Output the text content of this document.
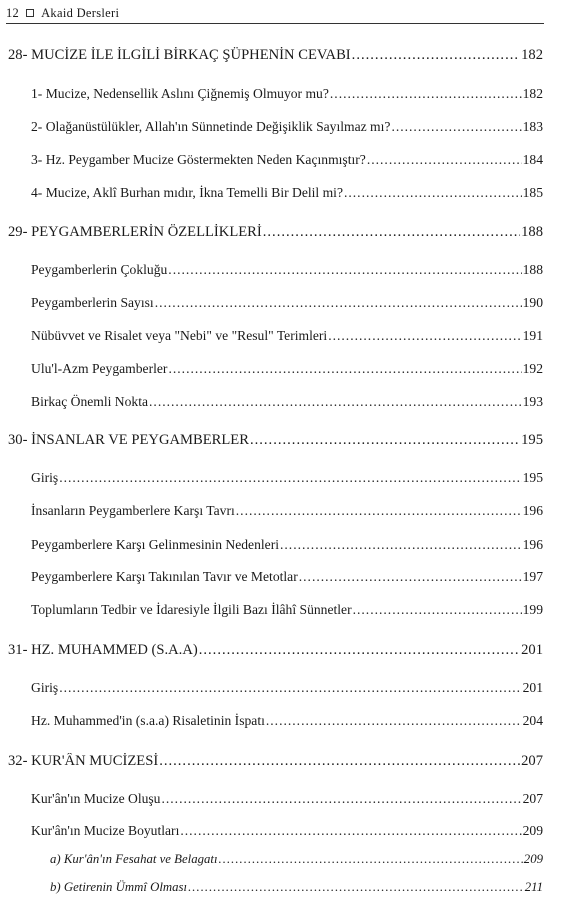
12 Akaid Dersleri
28- MUCİZE İLE İLGİLİ BİRKAÇ ŞÜPHENİN CEVABI .....	182
1- Mucize, Nedensellik Aslını Çiğnemiş Olmuyor mu? .....	182
2- Olağanüstülükler, Allah'ın Sünnetinde Değişiklik Sayılmaz mı? .....	183
3- Hz. Peygamber Mucize Göstermekten Neden Kaçınmıştır? .....	184
4- Mucize, Aklî Burhan mıdır, İkna Temelli Bir Delil mi? .....	185
29- PEYGAMBERLERİN ÖZELLİKLERİ .....	188
Peygamberlerin Çokluğu .....	188
Peygamberlerin Sayısı .....	190
Nübüvvet ve Risalet veya "Nebi" ve "Resul" Terimleri .....	191
Ulu'l-Azm Peygamberler .....	192
Birkaç Önemli Nokta .....	193
30- İNSANLAR VE PEYGAMBERLER .....	195
Giriş .....	195
İnsanların Peygamberlere Karşı Tavrı .....	196
Peygamberlere Karşı Gelinmesinin Nedenleri .....	196
Peygamberlere Karşı Takınılan Tavır ve Metotlar .....	197
Toplumların Tedbir ve İdaresiyle İlgili Bazı İlâhî Sünnetler .....	199
31- HZ. MUHAMMED (S.A.A) .....	201
Giriş .....	201
Hz. Muhammed'in (s.a.a) Risaletinin İspatı .....	204
32- KUR'ÂN MUCİZESİ .....	207
Kur'ân'ın Mucize Oluşu .....	207
Kur'ân'ın Mucize Boyutları .....	209
a) Kur'ân'ın Fesahat ve Belagatı .....	209
b) Getirenin Ümmî Olması .....	211
